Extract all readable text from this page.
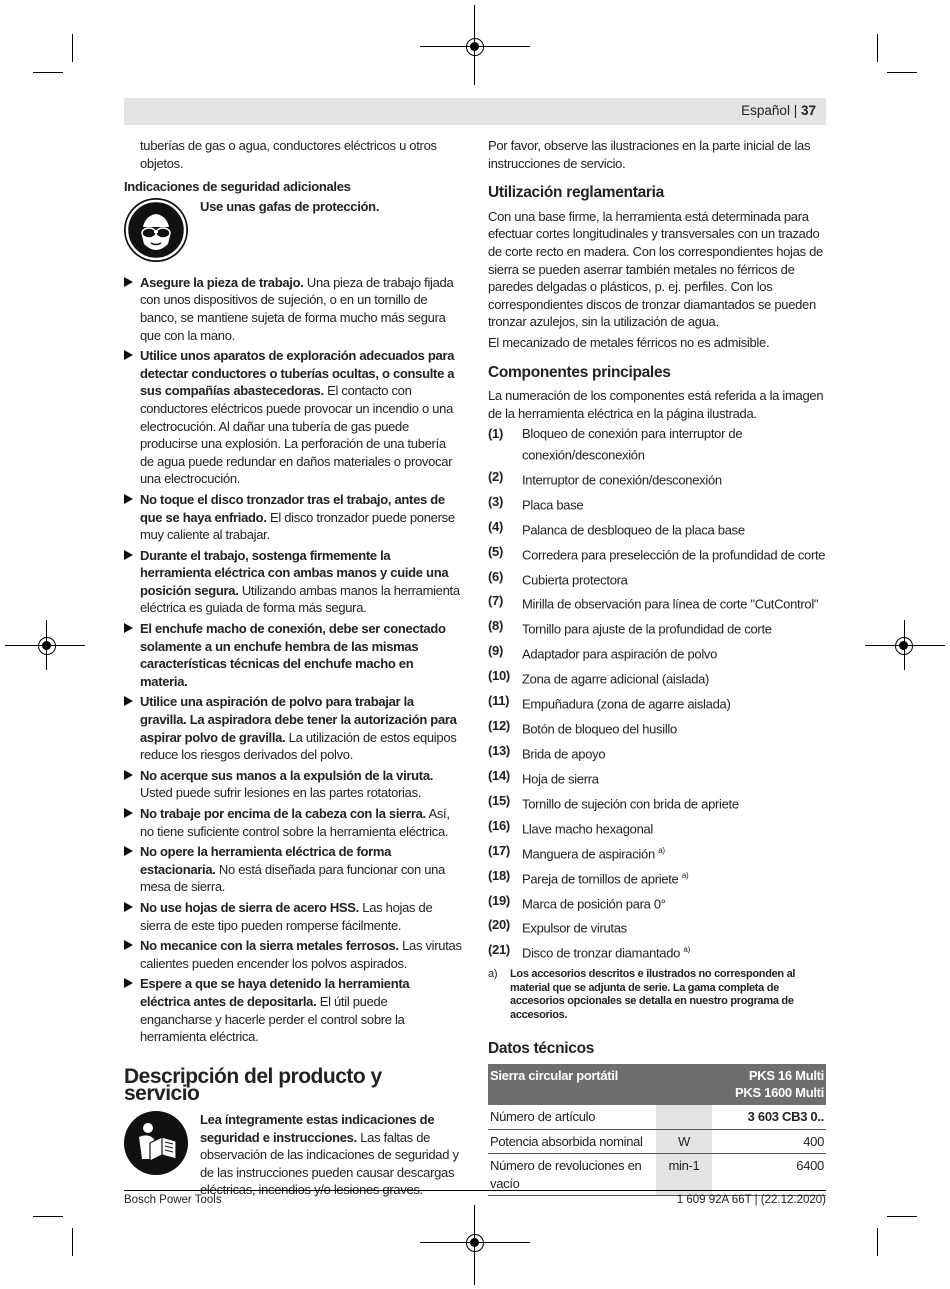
Español | 37

tuberías de gas o agua, conductores eléctricos u otros objetos.

Indicaciones de seguridad adicionales

Use unas gafas de protección.
Asegure la pieza de trabajo. Una pieza de trabajo fijada con unos dispositivos de sujeción, o en un tornillo de banco, se mantiene sujeta de forma mucho más segura que con la mano.
Utilice unos aparatos de exploración adecuados para detectar conductores o tuberías ocultas, o consulte a sus compañías abastecedoras. El contacto con conductores eléctricos puede provocar un incendio o una electrocución. Al dañar una tubería de gas puede producirse una explosión. La perforación de una tubería de agua puede redundar en daños materiales o provocar una electrocución.
No toque el disco tronzador tras el trabajo, antes de que se haya enfriado. El disco tronzador puede ponerse muy caliente al trabajar.
Durante el trabajo, sostenga firmemente la herramienta eléctrica con ambas manos y cuide una posición segura. Utilizando ambas manos la herramienta eléctrica es guiada de forma más segura.
El enchufe macho de conexión, debe ser conectado solamente a un enchufe hembra de las mismas características técnicas del enchufe macho en materia.
Utilice una aspiración de polvo para trabajar la gravilla. La aspiradora debe tener la autorización para aspirar polvo de gravilla. La utilización de estos equipos reduce los riesgos derivados del polvo.
No acerque sus manos a la expulsión de la viruta. Usted puede sufrir lesiones en las partes rotatorias.
No trabaje por encima de la cabeza con la sierra. Así, no tiene suficiente control sobre la herramienta eléctrica.
No opere la herramienta eléctrica de forma estacionaria. No está diseñada para funcionar con una mesa de sierra.
No use hojas de sierra de acero HSS. Las hojas de sierra de este tipo pueden romperse fácilmente.
No mecanice con la sierra metales ferrosos. Las virutas calientes pueden encender los polvos aspirados.
Espere a que se haya detenido la herramienta eléctrica antes de depositarla. El útil puede engancharse y hacerle perder el control sobre la herramienta eléctrica.
Descripción del producto y servicio
Lea íntegramente estas indicaciones de seguridad e instrucciones. Las faltas de observación de las indicaciones de seguridad y de las instrucciones pueden causar descargas eléctricas, incendios y/o lesiones graves.

Por favor, observe las ilustraciones en la parte inicial de las instrucciones de servicio.

Utilización reglamentaria

Con una base firme, la herramienta está determinada para efectuar cortes longitudinales y transversales con un trazado de corte recto en madera. Con los correspondientes hojas de sierra se pueden aserrar también metales no férricos de paredes delgadas o plásticos, p. ej. perfiles. Con los correspondientes discos de tronzar diamantados se pueden tronzar azulejos, sin la utilización de agua.

El mecanizado de metales férricos no es admisible.

Componentes principales

La numeración de los componentes está referida a la imagen de la herramienta eléctrica en la página ilustrada.

(1)	Bloqueo de conexión para interruptor de conexión/desconexión
(2)	Interruptor de conexión/desconexión
(3)	Placa base
(4)	Palanca de desbloqueo de la placa base
(5)	Corredera para preselección de la profundidad de corte
(6)	Cubierta protectora
(7)	Mirilla de observación para línea de corte "CutControl"
(8)	Tornillo para ajuste de la profundidad de corte
(9)	Adaptador para aspiración de polvo
(10) Zona de agarre adicional (aislada)
(11) Empuñadura (zona de agarre aislada)
(12) Botón de bloqueo del husillo
(13) Brida de apoyo
(14) Hoja de sierra
(15) Tornillo de sujeción con brida de apriete
(16) Llave macho hexagonal
(17) Manguera de aspiración $^{a)}$
(18) Pareja de tornillos de apriete $^{a)}$
(19) Marca de posición para 0°
(20) Expulsor de virutas
(21) Disco de tronzar diamantado $^{a)}$
a)	Los accesorios descritos e ilustrados no corresponden al material que se adjunta de serie. La gama completa de accesorios opcionales se detalla en nuestro programa de accesorios.
Datos técnicos
Sierra circular portátil		PKS 16 Multi
PKS 1600 Multi

Número de artículo		3 603 CB3 0..
Potencia absorbida nominal	W	400
Número de revoluciones en vacío	min-1	6400
Bosch Power Tools	1 609 92A 66T | (22.12.2020)
